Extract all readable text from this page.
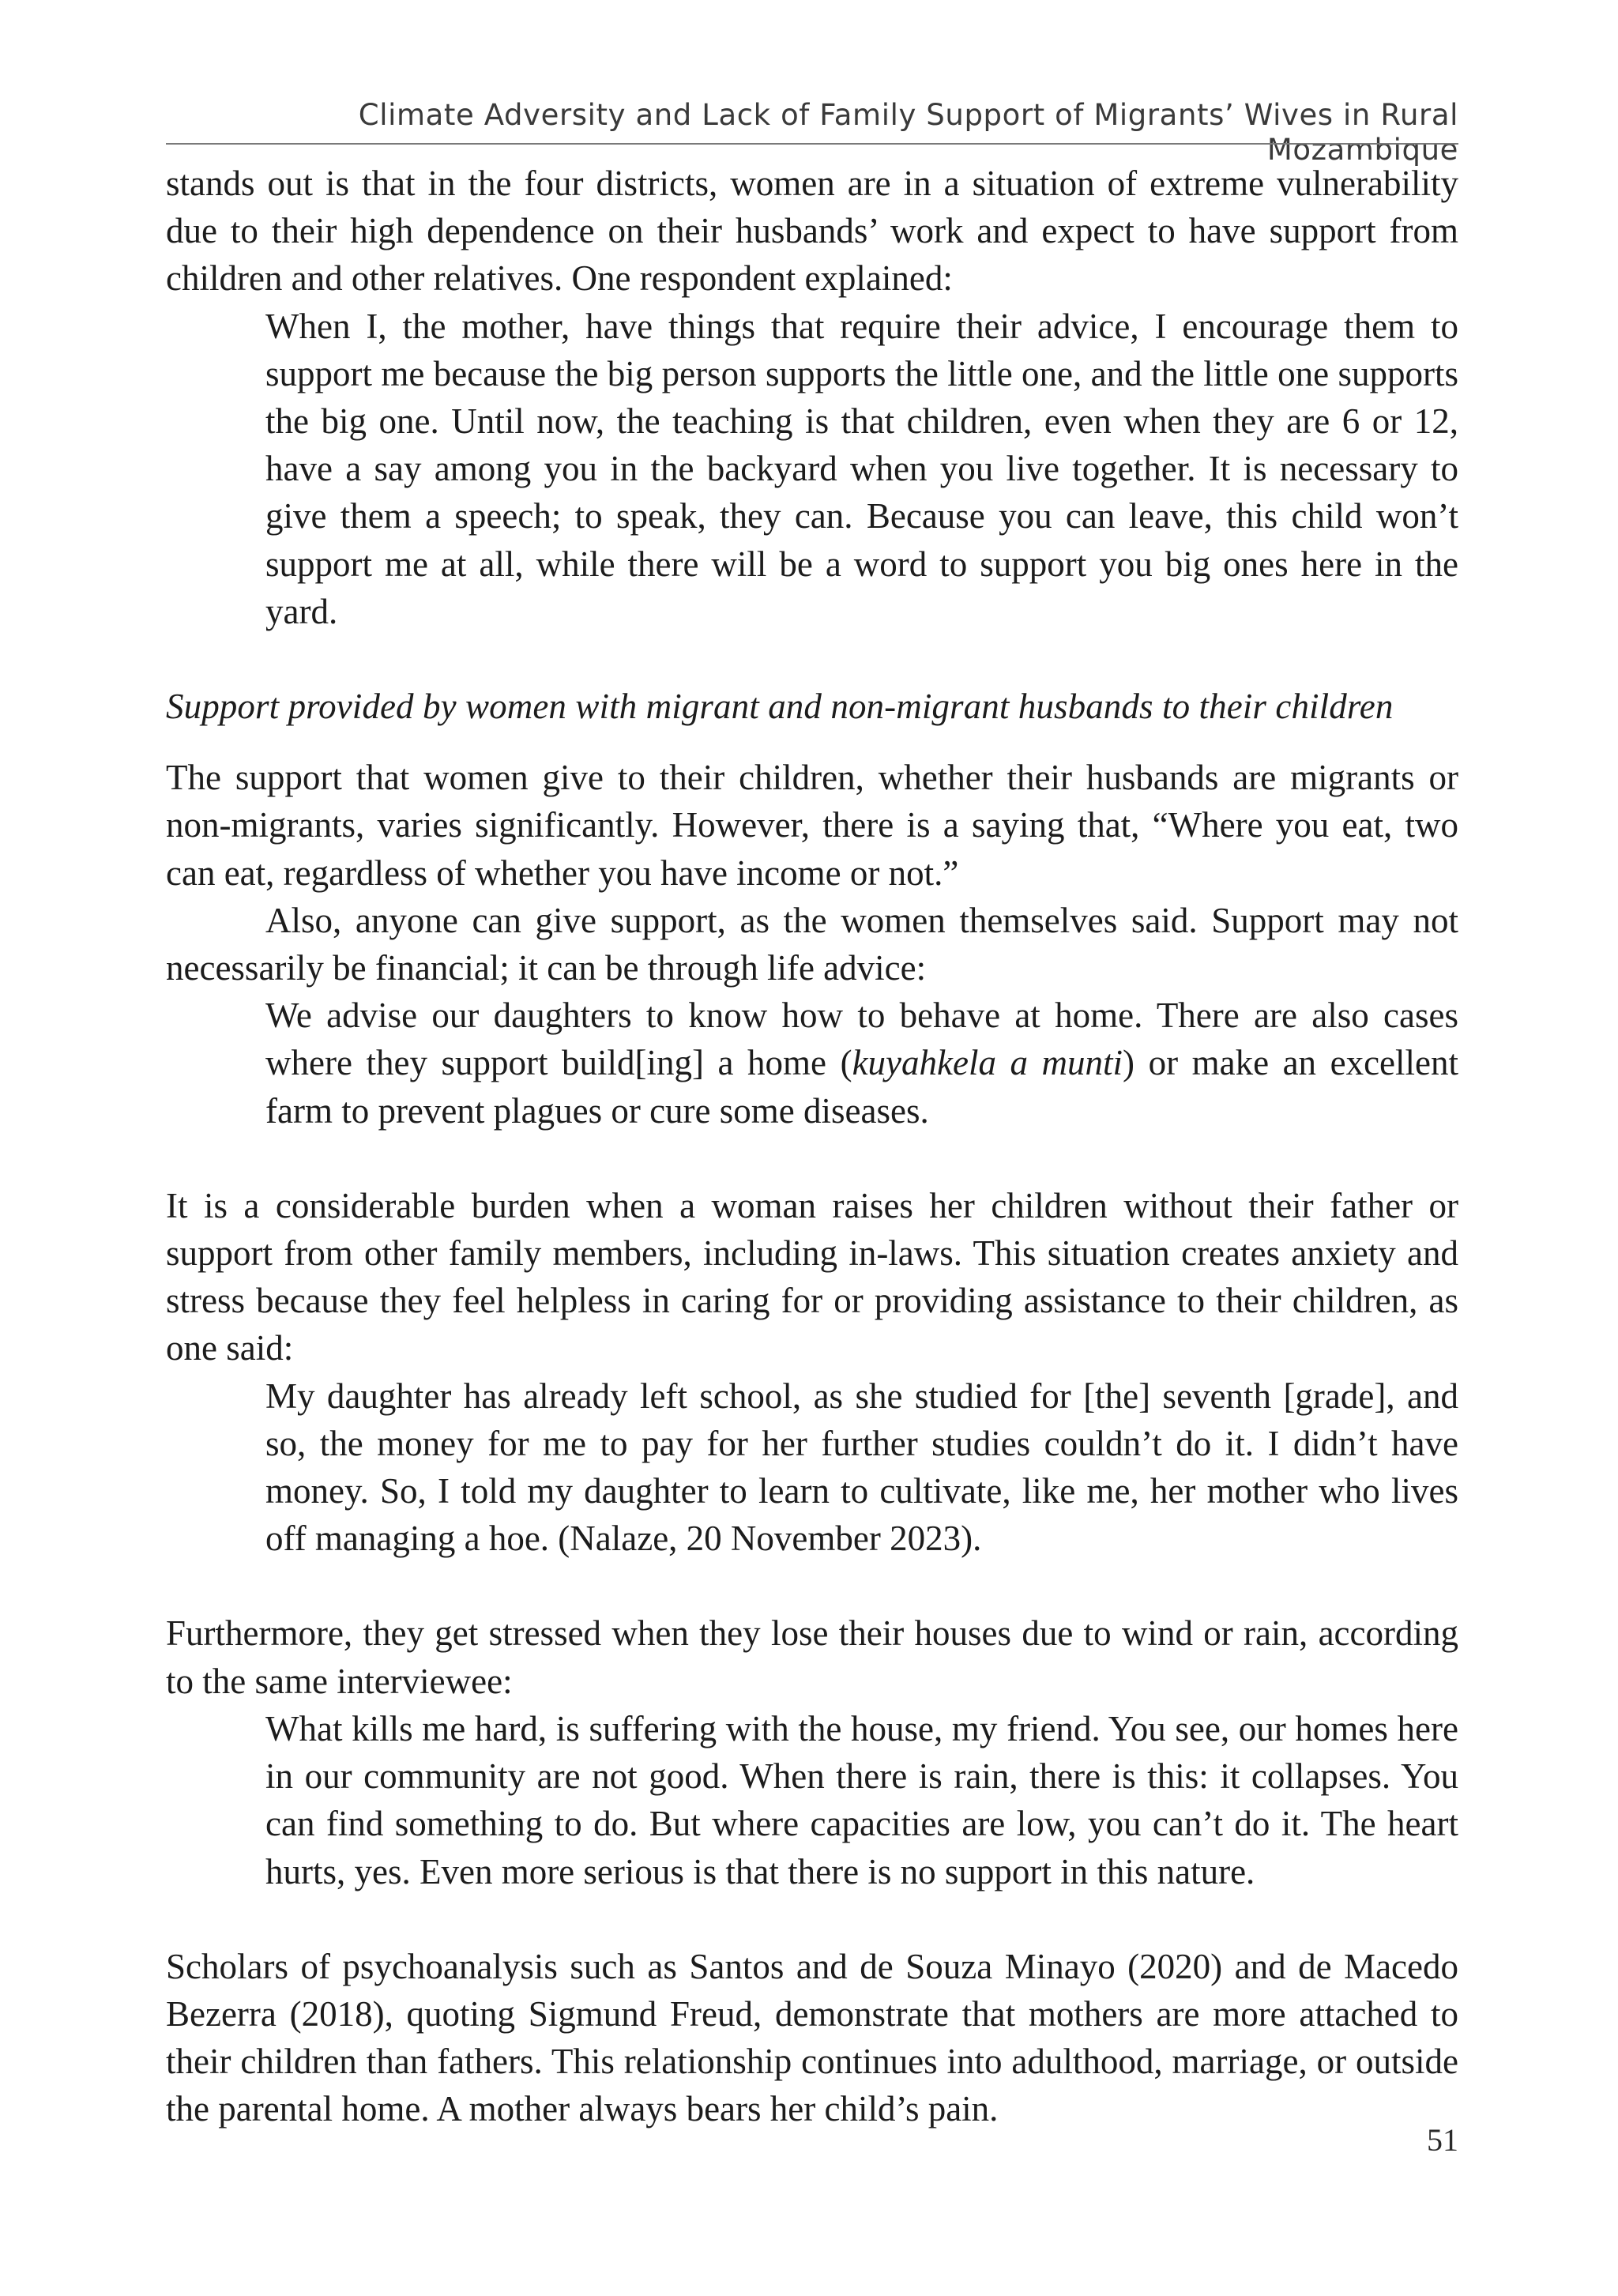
Climate Adversity and Lack of Family Support of Migrants’ Wives in Rural Mozambique

stands out is that in the four districts, women are in a situation of extreme vulnerability due to their high dependence on their husbands’ work and expect to have support from children and other relatives. One respondent explained:

When I, the mother, have things that require their advice, I encourage them to support me because the big person supports the little one, and the little one supports the big one. Until now, the teaching is that children, even when they are 6 or 12, have a say among you in the backyard when you live together. It is necessary to give them a speech; to speak, they can. Because you can leave, this child won’t support me at all, while there will be a word to support you big ones here in the yard.
Support provided by women with migrant and non-migrant husbands to their children

The support that women give to their children, whether their husbands are migrants or non-migrants, varies significantly. However, there is a saying that, “Where you eat, two can eat, regardless of whether you have income or not.”

Also, anyone can give support, as the women themselves said. Support may not necessarily be financial; it can be through life advice:

We advise our daughters to know how to behave at home. There are also cases where they support build[ing] a home (kuyahkela a munti) or make an excellent farm to prevent plagues or cure some diseases.

It is a considerable burden when a woman raises her children without their father or support from other family members, including in-laws. This situation creates anxiety and stress because they feel helpless in caring for or providing assistance to their children, as one said:

My daughter has already left school, as she studied for [the] seventh [grade], and so, the money for me to pay for her further studies couldn’t do it. I didn’t have money. So, I told my daughter to learn to cultivate, like me, her mother who lives off managing a hoe. (Nalaze, 20 November 2023).

Furthermore, they get stressed when they lose their houses due to wind or rain, according to the same interviewee:

What kills me hard, is suffering with the house, my friend. You see, our homes here in our community are not good. When there is rain, there is this: it collapses. You can find something to do. But where capacities are low, you can’t do it. The heart hurts, yes. Even more serious is that there is no support in this nature.

Scholars of psychoanalysis such as Santos and de Souza Minayo (2020) and de Macedo Bezerra (2018), quoting Sigmund Freud, demonstrate that mothers are more attached to their children than fathers. This relationship continues into adulthood, marriage, or outside the parental home. A mother always bears her child’s pain.

51
